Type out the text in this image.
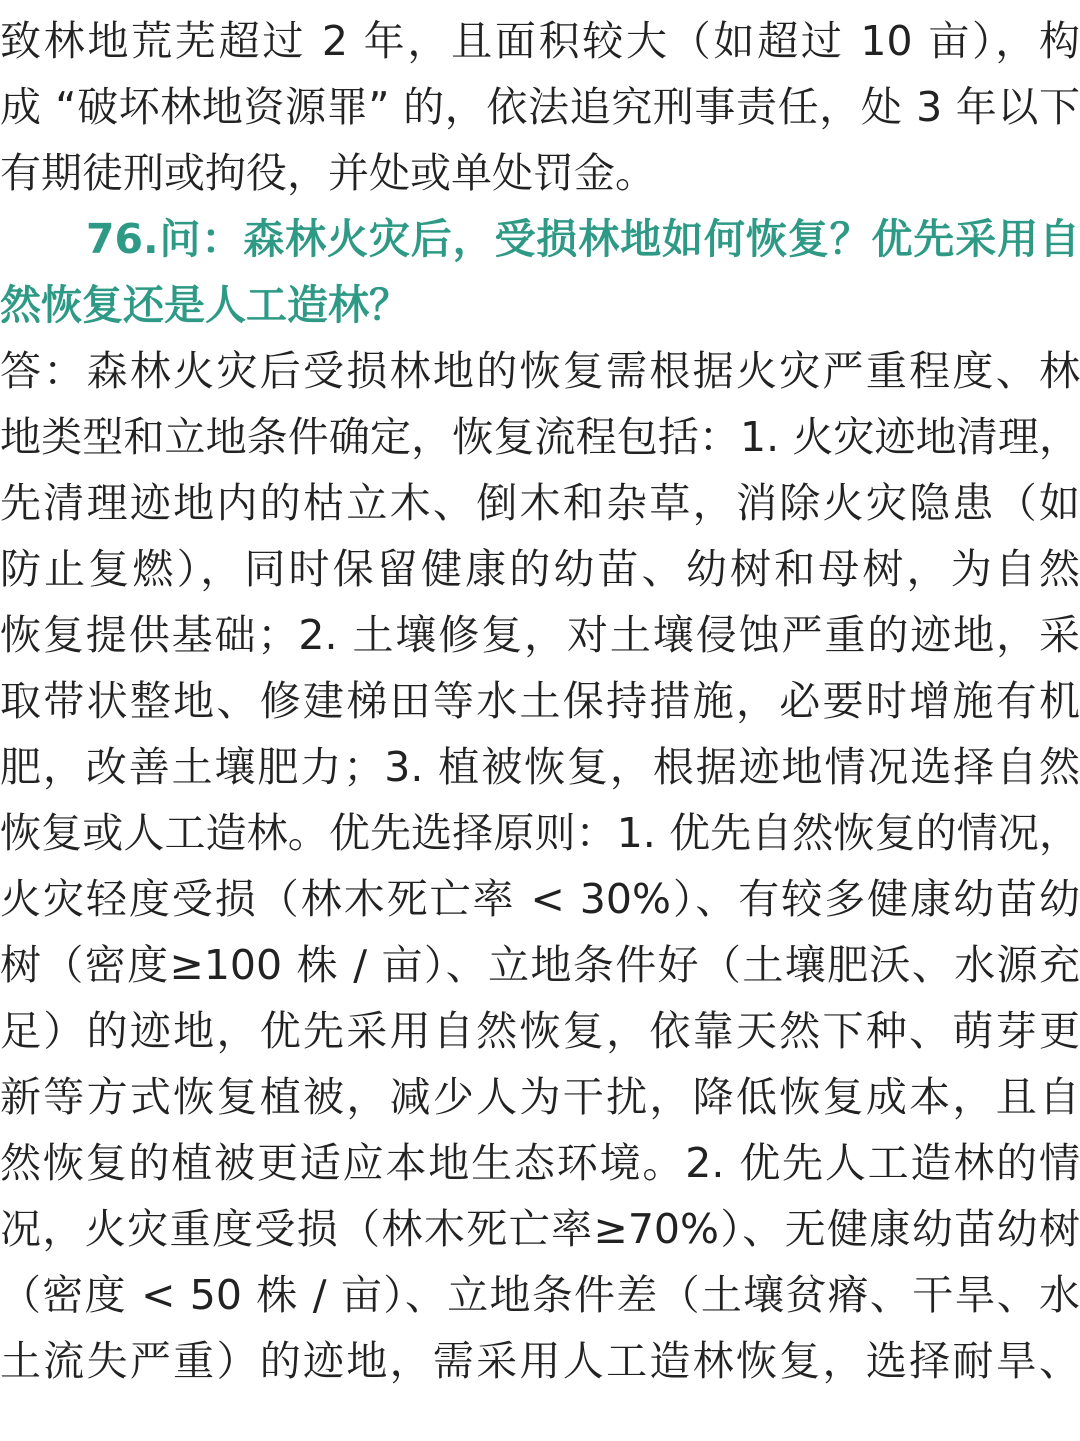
致林地荒芜超过 2 年，且面积较大（如超过 10 亩），构
成 “破坏林地资源罪” 的，依法追究刑事责任，处 3 年以下
有期徒刑或拘役，并处或单处罚金。
76.问：森林火灾后，受损林地如何恢复？优先采用自
然恢复还是人工造林？
答：森林火灾后受损林地的恢复需根据火灾严重程度、林
地类型和立地条件确定，恢复流程包括：1. 火灾迹地清理，
先清理迹地内的枯立木、倒木和杂草，消除火灾隐患（如
防止复燃），同时保留健康的幼苗、幼树和母树，为自然
恢复提供基础；2. 土壤修复，对土壤侵蚀严重的迹地，采
取带状整地、修建梯田等水土保持措施，必要时增施有机
肥，改善土壤肥力；3. 植被恢复，根据迹地情况选择自然
恢复或人工造林。优先选择原则：1. 优先自然恢复的情况，
火灾轻度受损（林木死亡率 < 30%）、有较多健康幼苗幼
树（密度≥100 株 / 亩）、立地条件好（土壤肥沃、水源充
足）的迹地，优先采用自然恢复，依靠天然下种、萌芽更
新等方式恢复植被，减少人为干扰，降低恢复成本，且自
然恢复的植被更适应本地生态环境。2. 优先人工造林的情
况，火灾重度受损（林木死亡率≥70%）、无健康幼苗幼树
（密度 < 50 株 / 亩）、立地条件差（土壤贫瘠、干旱、水
土流失严重）的迹地，需采用人工造林恢复，选择耐旱、
